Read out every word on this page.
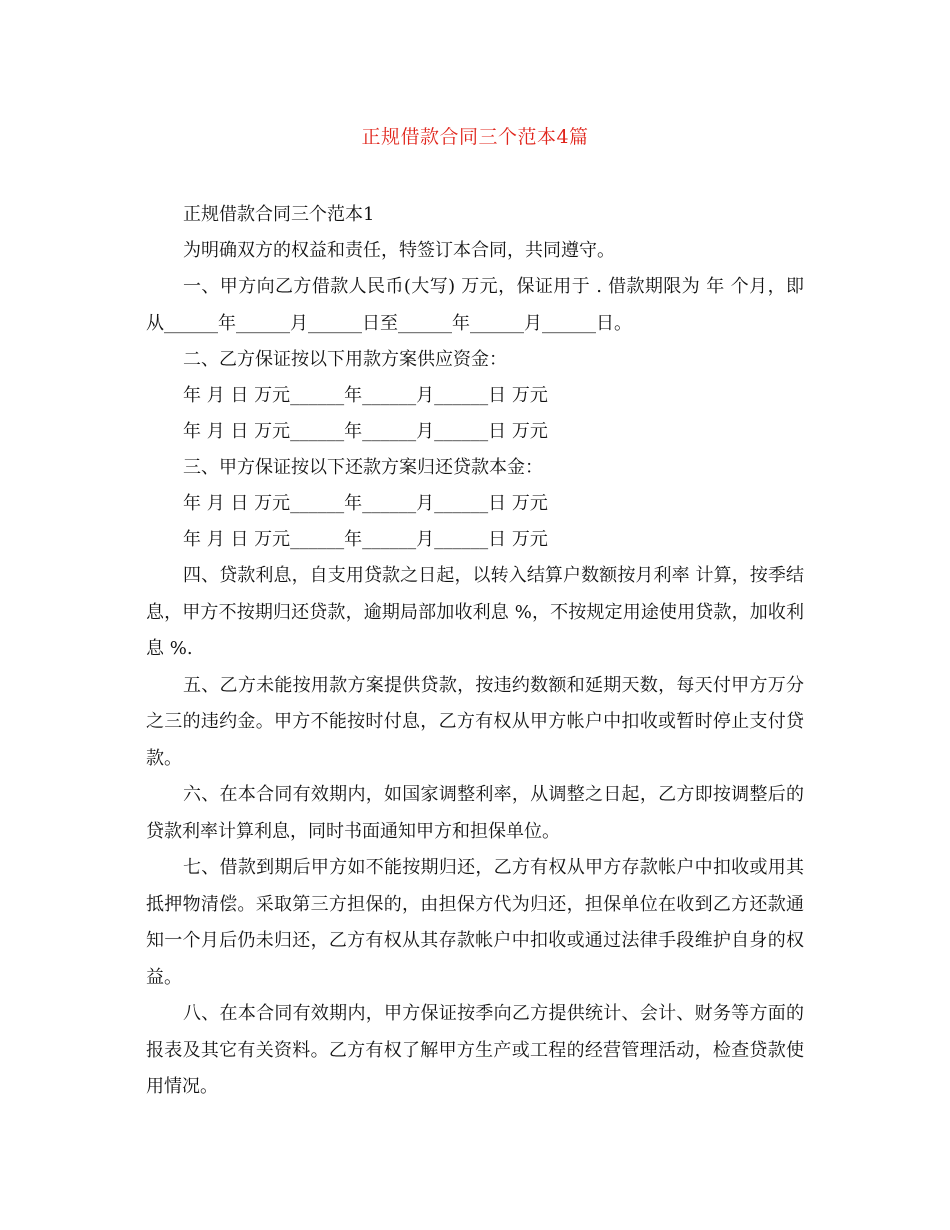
正规借款合同三个范本4篇
正规借款合同三个范本1
为明确双方的权益和责任，特签订本合同，共同遵守。

一、甲方向乙方借款人民币(大写) 万元，保证用于 . 借款期限为 年 个月，即从______年______月______日至______年______月______日。

二、乙方保证按以下用款方案供应资金：
年 月 日 万元______年______月______日 万元
年 月 日 万元______年______月______日 万元
三、甲方保证按以下还款方案归还贷款本金：
年 月 日 万元______年______月______日 万元
年 月 日 万元______年______月______日 万元

四、贷款利息，自支用贷款之日起，以转入结算户数额按月利率 计算，按季结息，甲方不按期归还贷款，逾期局部加收利息 %，不按规定用途使用贷款，加收利息 %.

五、乙方未能按用款方案提供贷款，按违约数额和延期天数，每天付甲方万分之三的违约金。甲方不能按时付息，乙方有权从甲方帐户中扣收或暂时停止支付贷款。

六、在本合同有效期内，如国家调整利率，从调整之日起，乙方即按调整后的贷款利率计算利息，同时书面通知甲方和担保单位。

七、借款到期后甲方如不能按期归还，乙方有权从甲方存款帐户中扣收或用其抵押物清偿。采取第三方担保的，由担保方代为归还，担保单位在收到乙方还款通知一个月后仍未归还，乙方有权从其存款帐户中扣收或通过法律手段维护自身的权益。

八、在本合同有效期内，甲方保证按季向乙方提供统计、会计、财务等方面的报表及其它有关资料。乙方有权了解甲方生产或工程的经营管理活动，检查贷款使用情况。
